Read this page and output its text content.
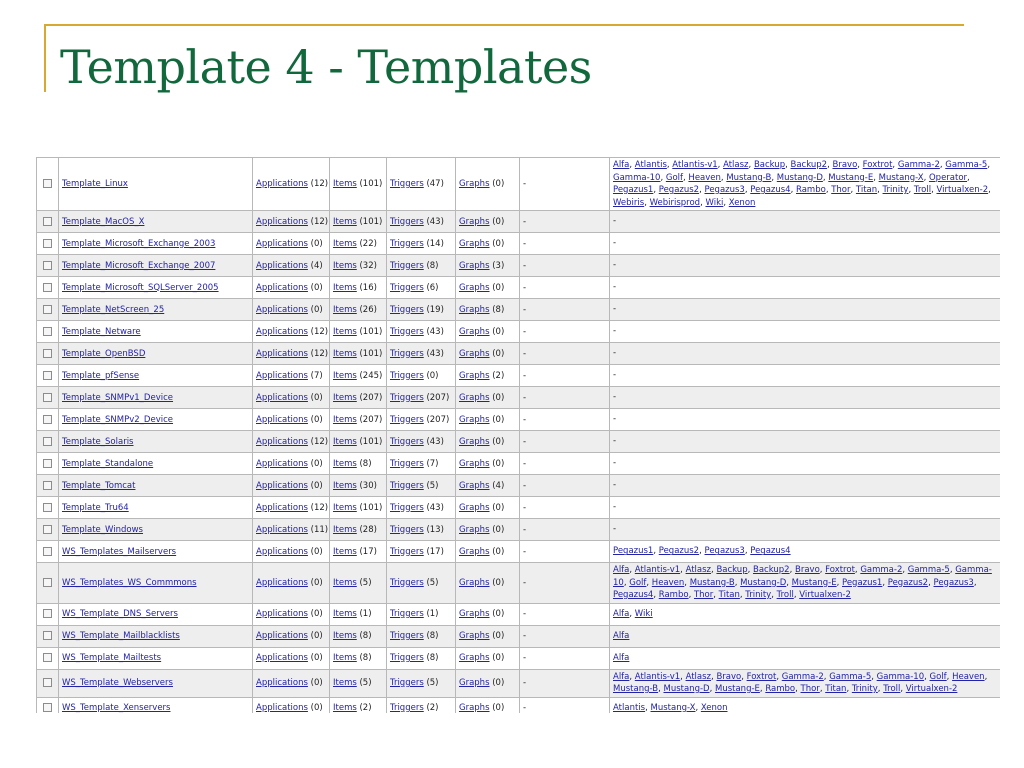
Template 4 - Templates
	Template_Linux	Applications (12)	Items (101)	Triggers (47)	Graphs (0)	-	Alfa, Atlantis, Atlantis-v1, Atlasz, Backup, Backup2, Bravo, Foxtrot, Gamma-2, Gamma-5, Gamma-10, Golf, Heaven, Mustang-B, Mustang-D, Mustang-E, Mustang-X, Operator, Pegazus1, Pegazus2, Pegazus3, Pegazus4, Rambo, Thor, Titan, Trinity, Troll, Virtualxen-2, Webiris, Webirisprod, Wiki, Xenon
	Template_MacOS_X	Applications (12)	Items (101)	Triggers (43)	Graphs (0)	-	-
	Template_Microsoft_Exchange_2003	Applications (0)	Items (22)	Triggers (14)	Graphs (0)	-	-
	Template_Microsoft_Exchange_2007	Applications (4)	Items (32)	Triggers (8)	Graphs (3)	-	-
	Template_Microsoft_SQLServer_2005	Applications (0)	Items (16)	Triggers (6)	Graphs (0)	-	-
	Template_NetScreen_25	Applications (0)	Items (26)	Triggers (19)	Graphs (8)	-	-
	Template_Netware	Applications (12)	Items (101)	Triggers (43)	Graphs (0)	-	-
	Template_OpenBSD	Applications (12)	Items (101)	Triggers (43)	Graphs (0)	-	-
	Template_pfSense	Applications (7)	Items (245)	Triggers (0)	Graphs (2)	-	-
	Template_SNMPv1_Device	Applications (0)	Items (207)	Triggers (207)	Graphs (0)	-	-
	Template_SNMPv2_Device	Applications (0)	Items (207)	Triggers (207)	Graphs (0)	-	-
	Template_Solaris	Applications (12)	Items (101)	Triggers (43)	Graphs (0)	-	-
	Template_Standalone	Applications (0)	Items (8)	Triggers (7)	Graphs (0)	-	-
	Template_Tomcat	Applications (0)	Items (30)	Triggers (5)	Graphs (4)	-	-
	Template_Tru64	Applications (12)	Items (101)	Triggers (43)	Graphs (0)	-	-
	Template_Windows	Applications (11)	Items (28)	Triggers (13)	Graphs (0)	-	-
	WS_Templates_Mailservers	Applications (0)	Items (17)	Triggers (17)	Graphs (0)	-	Pegazus1, Pegazus2, Pegazus3, Pegazus4
	WS_Templates_WS_Commmons	Applications (0)	Items (5)	Triggers (5)	Graphs (0)	-	Alfa, Atlantis-v1, Atlasz, Backup, Backup2, Bravo, Foxtrot, Gamma-2, Gamma-5, Gamma-10, Golf, Heaven, Mustang-B, Mustang-D, Mustang-E, Pegazus1, Pegazus2, Pegazus3, Pegazus4, Rambo, Thor, Titan, Trinity, Troll, Virtualxen-2
	WS_Template_DNS_Servers	Applications (0)	Items (1)	Triggers (1)	Graphs (0)	-	Alfa, Wiki
	WS_Template_Mailblacklists	Applications (0)	Items (8)	Triggers (8)	Graphs (0)	-	Alfa
	WS_Template_Mailtests	Applications (0)	Items (8)	Triggers (8)	Graphs (0)	-	Alfa
	WS_Template_Webservers	Applications (0)	Items (5)	Triggers (5)	Graphs (0)	-	Alfa, Atlantis-v1, Atlasz, Bravo, Foxtrot, Gamma-2, Gamma-5, Gamma-10, Golf, Heaven, Mustang-B, Mustang-D, Mustang-E, Rambo, Thor, Titan, Trinity, Troll, Virtualxen-2
	WS_Template_Xenservers	Applications (0)	Items (2)	Triggers (2)	Graphs (0)	-	Atlantis, Mustang-X, Xenon
